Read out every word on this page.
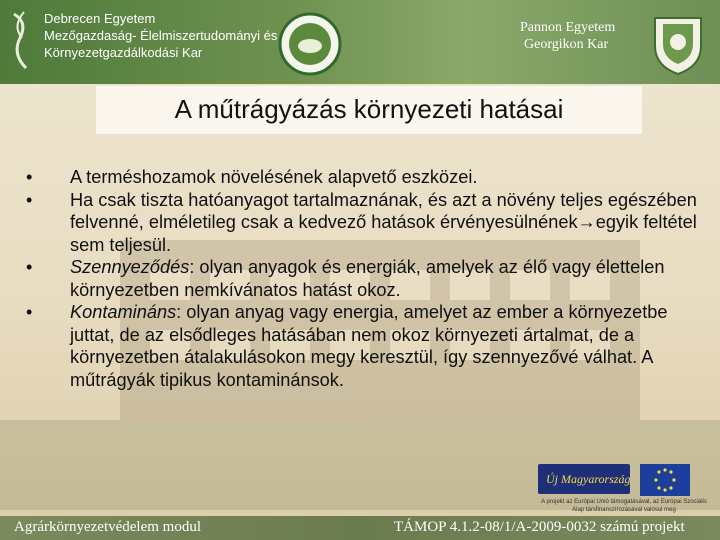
Debrecen Egyetem
Mezőgazdaság- Élelmiszertudományi és
Környezetgazdálkodási Kar
Pannon Egyetem
Georgikon Kar
A műtrágyázás környezeti hatásai
• A terméshozamok növelésének alapvető eszközei.
• Ha csak tiszta hatóanyagot tartalmaznának, és azt a növény teljes egészében felvenné, elméletileg csak a kedvező hatások érvényesülnének→egyik feltétel sem teljesül.
• Szennyeződés: olyan anyagok és energiák, amelyek az élő vagy élettelen környezetben nemkívánatos hatást okoz.
• Kontamináns: olyan anyag vagy energia, amelyet az ember a környezetbe juttat, de az elsődleges hatásában nem okoz környezeti ártalmat, de a környezetben átalakulásokon megy keresztül, így szennyezővé válhat. A műtrágyák tipikus kontaminánsok.
Új Magyarország
A projekt az Európai Unió támogatásával, az Európai Szociális Alap társfinanszírozásával valósul meg
Agrárkörnyezetvédelem modul	TÁMOP 4.1.2-08/1/A-2009-0032 számú projekt
